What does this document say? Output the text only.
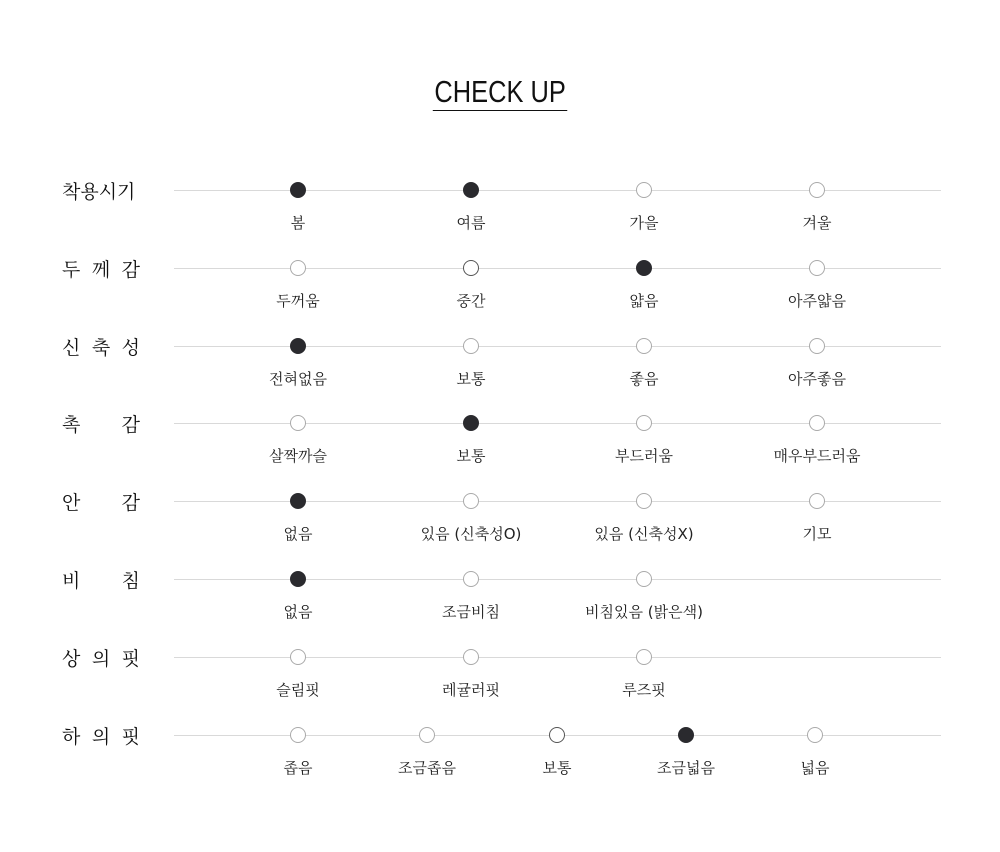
CHECK UP
착용시기
봄	여름	가을	겨울
두 께 감
두꺼움	중간	얇음	아주얇음
신 축 성
전혀없음	보통	좋음	아주좋음
촉 감
살짝까슬	보통	부드러움	매우부드러움
안 감
없음	있음 (신축성O)	있음 (신축성X)	기모
비 침
없음	조금비침	비침있음 (밝은색)
상 의 핏
슬림핏	레귤러핏	루즈핏
하 의 핏
좁음	조금좁음	보통	조금넓음	넓음
